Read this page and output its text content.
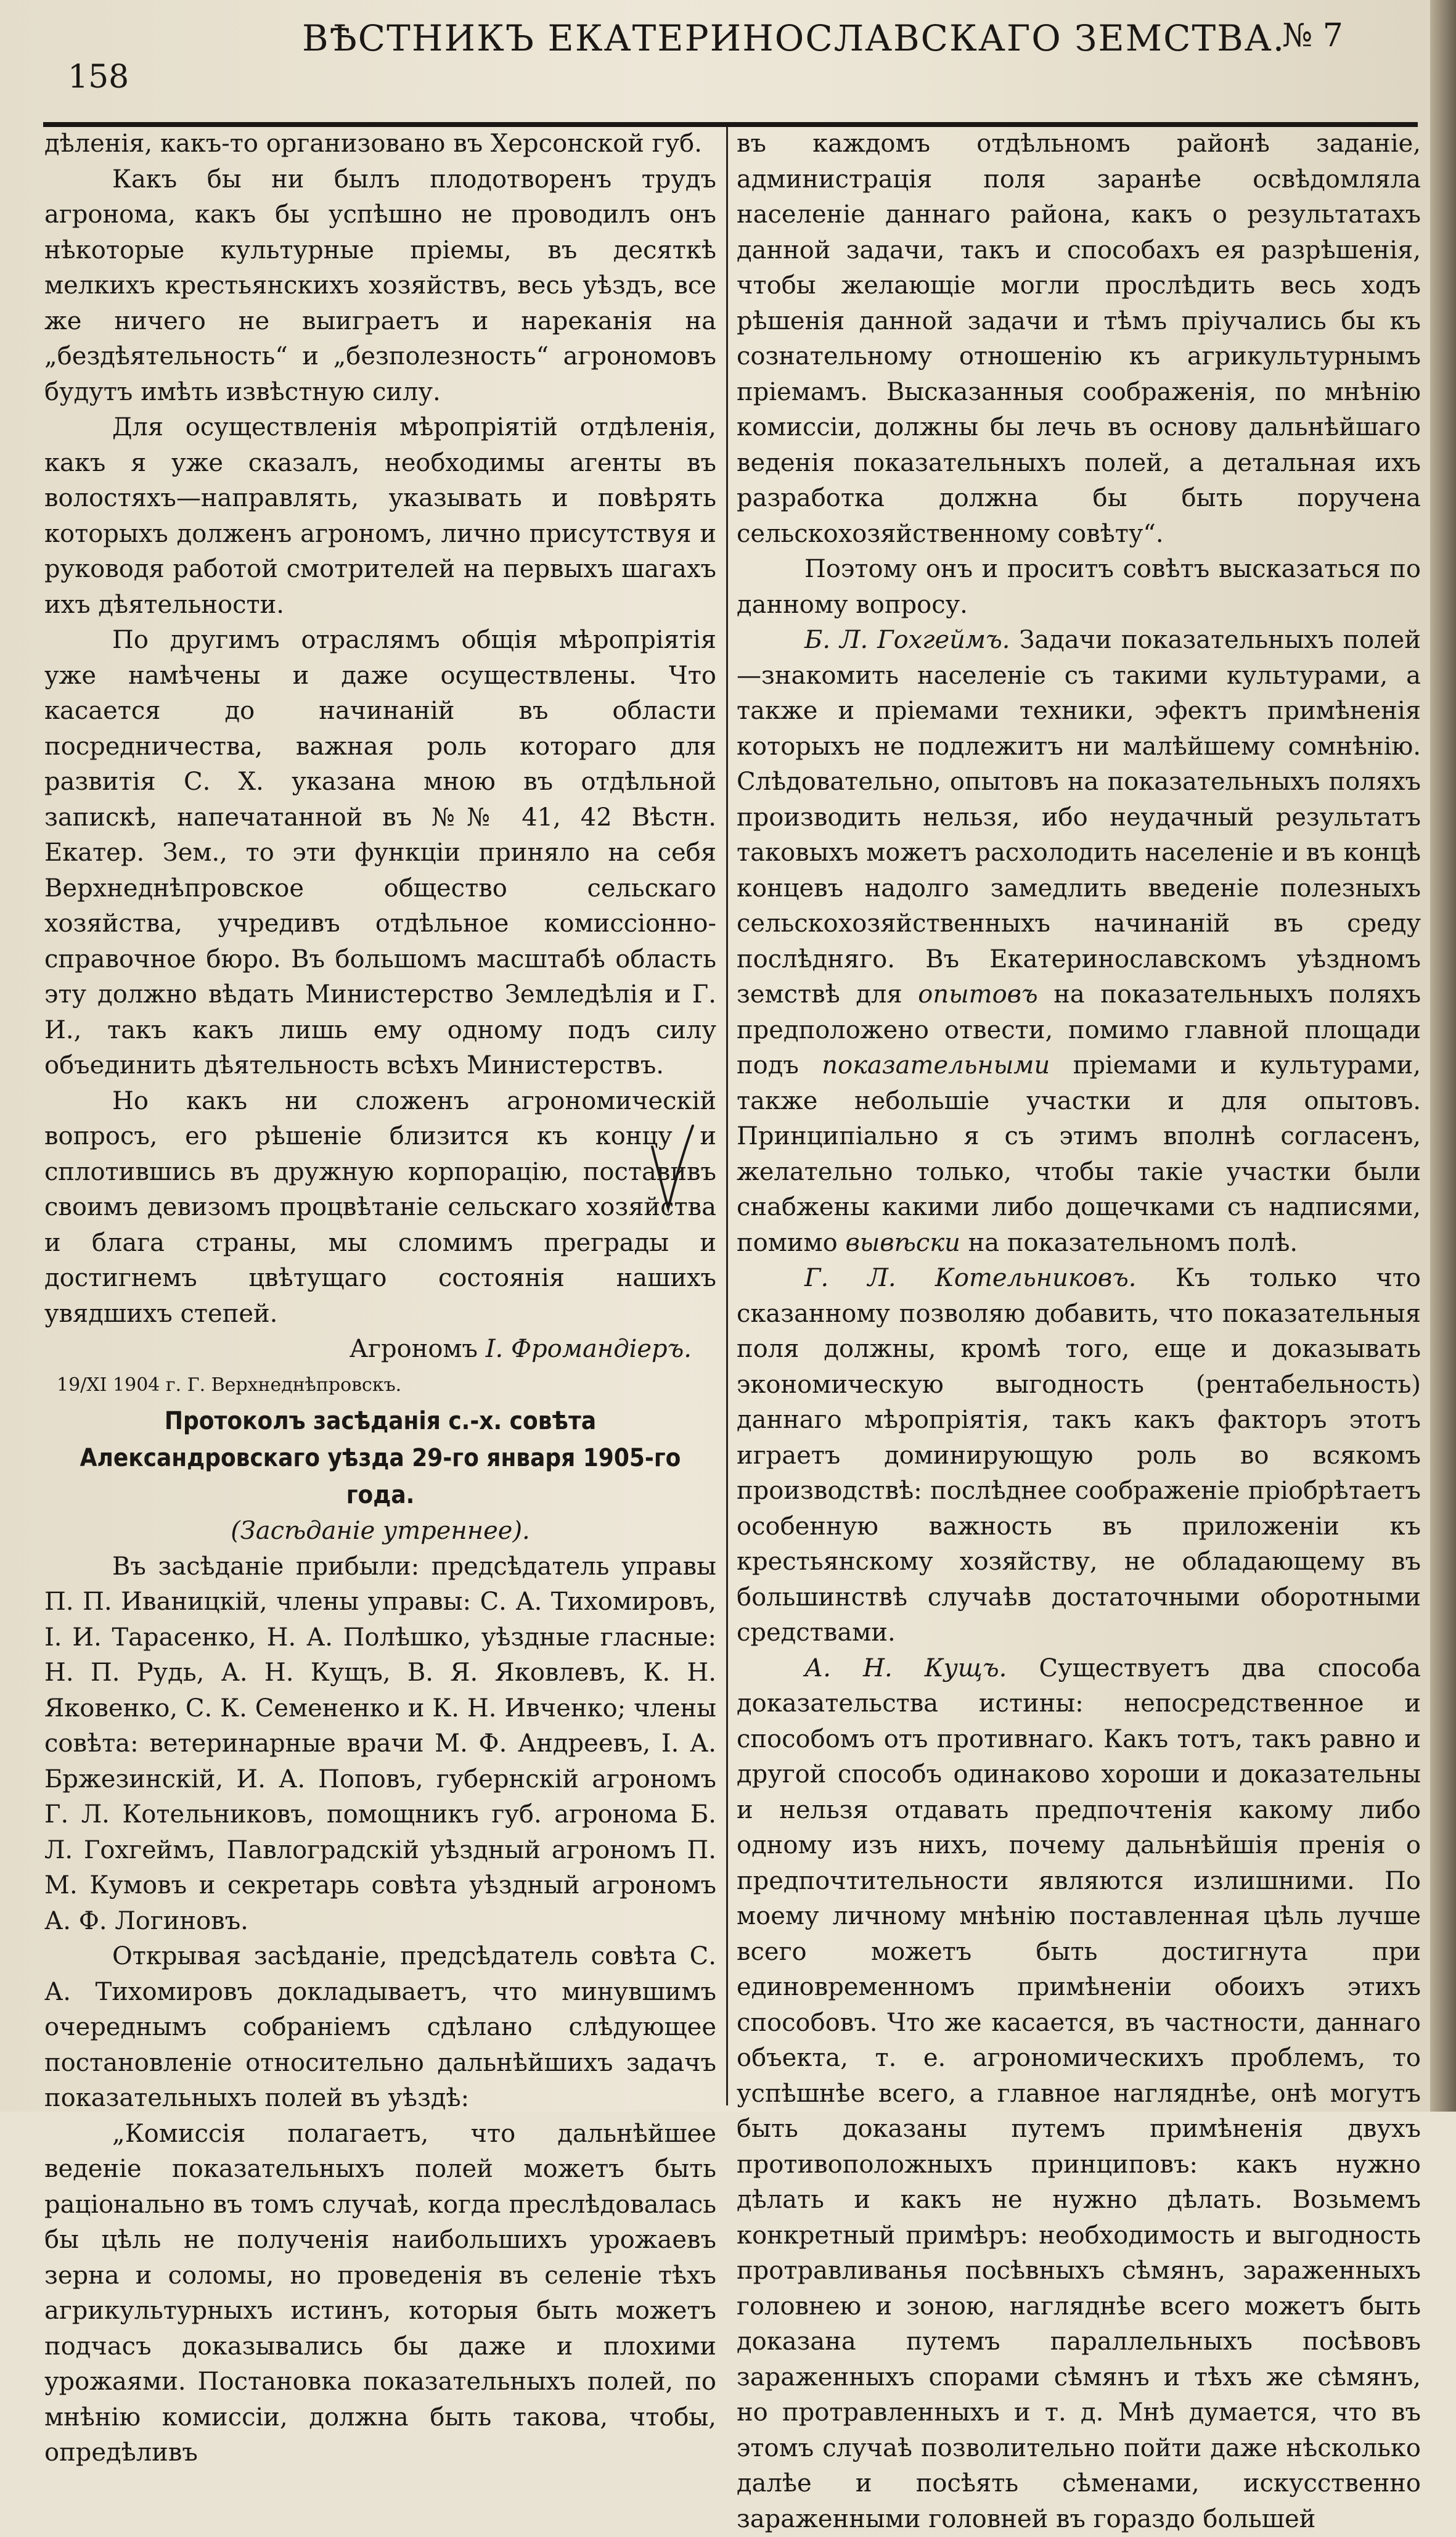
158
ВѢСТНИКЪ ЕКАТЕРИНОСЛАВСКАГО ЗЕМСТВА.
№ 7

дѣленія, какъ-то организовано въ Херсонской губ.

Какъ бы ни былъ плодотворенъ трудъ агронома, какъ бы успѣшно не проводилъ онъ нѣкоторые культурные пріемы, въ десяткѣ мелкихъ крестьянскихъ хозяйствъ, весь уѣздъ, все же ничего не выиграетъ и нареканія на „бездѣятельность“ и „безполезность“ агрономовъ будутъ имѣть извѣстную силу.

Для осуществленія мѣропріятій отдѣленія, какъ я уже сказалъ, необходимы агенты въ волостяхъ—направлять, указывать и повѣрять которыхъ долженъ агрономъ, лично присутствуя и руководя работой смотрителей на первыхъ шагахъ ихъ дѣятельности.

По другимъ отраслямъ общія мѣропріятія уже намѣчены и даже осуществлены. Что касается до начинаній въ области посредничества, важная роль котораго для развитія С. Х. указана мною въ отдѣльной запискѣ, напечатанной въ №№ 41, 42 Вѣстн. Екатер. Зем., то эти функціи приняло на себя Верхнеднѣпровское общество сельскаго хозяйства, учредивъ отдѣльное комиссіонно-справочное бюро. Въ большомъ масштабѣ область эту должно вѣдать Министерство Земледѣлія и Г. И., такъ какъ лишь ему одному подъ силу объединить дѣятельность всѣхъ Министерствъ.

Но какъ ни сложенъ агрономическій вопросъ, его рѣшеніе близится къ концу и сплотившись въ дружную корпорацію, поставивъ своимъ девизомъ процвѣтаніе сельскаго хозяйства и блага страны, мы сломимъ преграды и достигнемъ цвѣтущаго состоянія нашихъ увядшихъ степей.

Агрономъ І. Фромандіеръ.

19/XI 1904 г. Г. Верхнеднѣпровскъ.

Протоколъ засѣданія с.-х. совѣта Александровскаго уѣзда 29-го января 1905-го года.

(Засѣданіе утреннее).

Въ засѣданіе прибыли: предсѣдатель управы П. П. Иваницкій, члены управы: С. А. Тихомировъ, І. И. Тарасенко, Н. А. Полѣшко, уѣздные гласные: Н. П. Рудь, А. Н. Кущъ, В. Я. Яковлевъ, К. Н. Яковенко, С. К. Семененко и К. Н. Ивченко; члены совѣта: ветеринарные врачи М. Ф. Андреевъ, І. А. Бржезинскій, И. А. Поповъ, губернскій агрономъ Г. Л. Котельниковъ, помощникъ губ. агронома Б. Л. Гохгеймъ, Павлоградскій уѣздный агрономъ П. М. Кумовъ и секретарь совѣта уѣздный агрономъ А. Ф. Логиновъ.

Открывая засѣданіе, предсѣдатель совѣта С. А. Тихомировъ докладываетъ, что минувшимъ очереднымъ собраніемъ сдѣлано слѣдующее постановленіе относительно дальнѣйшихъ задачъ показательныхъ полей въ уѣздѣ:

„Комиссія полагаетъ, что дальнѣйшее веденіе показательныхъ полей можетъ быть раціонально въ томъ случаѣ, когда преслѣдовалась бы цѣль не полученія наибольшихъ урожаевъ зерна и соломы, но проведенія въ селеніе тѣхъ агрикультурныхъ истинъ, которыя быть можетъ подчасъ доказывались бы даже и плохими урожаями. Постановка показательныхъ полей, по мнѣнію комиссіи, должна быть такова, чтобы, опредѣливъ

въ каждомъ отдѣльномъ районѣ заданіе, администрація поля заранѣе освѣдомляла населеніе даннаго района, какъ о результатахъ данной задачи, такъ и способахъ ея разрѣшенія, чтобы желающіе могли прослѣдить весь ходъ рѣшенія данной задачи и тѣмъ пріучались бы къ сознательному отношенію къ агрикультурнымъ пріемамъ. Высказанныя соображенія, по мнѣнію комиссіи, должны бы лечь въ основу дальнѣйшаго веденія показательныхъ полей, а детальная ихъ разработка должна бы быть поручена сельскохозяйственному совѣту“.

Поэтому онъ и проситъ совѣтъ высказаться по данному вопросу.

Б. Л. Гохгеймъ. Задачи показательныхъ полей—знакомить населеніе съ такими культурами, а также и пріемами техники, эфектъ примѣненія которыхъ не подлежитъ ни малѣйшему сомнѣнію. Слѣдовательно, опытовъ на показательныхъ поляхъ производить нельзя, ибо неудачный результатъ таковыхъ можетъ расхолодить населеніе и въ концѣ концевъ надолго замедлить введеніе полезныхъ сельскохозяйственныхъ начинаній въ среду послѣдняго. Въ Екатеринославскомъ уѣздномъ земствѣ для опытовъ на показательныхъ поляхъ предположено отвести, помимо главной площади подъ показательными пріемами и культурами, также небольшіе участки и для опытовъ. Принципіально я съ этимъ вполнѣ согласенъ, желательно только, чтобы такіе участки были снабжены какими либо дощечками съ надписями, помимо вывѣски на показательномъ полѣ.

Г. Л. Котельниковъ. Къ только что сказанному позволяю добавить, что показательныя поля должны, кромѣ того, еще и доказывать экономическую выгодность (рентабельность) даннаго мѣропріятія, такъ какъ факторъ этотъ играетъ доминирующую роль во всякомъ производствѣ: послѣднее соображеніе пріобрѣтаетъ особенную важность въ приложеніи къ крестьянскому хозяйству, не обладающему въ большинствѣ случаѣв достаточными оборотными средствами.

А. Н. Кущъ. Существуетъ два способа доказательства истины: непосредственное и способомъ отъ противнаго. Какъ тотъ, такъ равно и другой способъ одинаково хороши и доказательны и нельзя отдавать предпочтенія какому либо одному изъ нихъ, почему дальнѣйшія пренія о предпочтительности являются излишними. По моему личному мнѣнію поставленная цѣль лучше всего можетъ быть достигнута при единовременномъ примѣненіи обоихъ этихъ способовъ. Что же касается, въ частности, даннаго объекта, т. е. агрономическихъ проблемъ, то успѣшнѣе всего, а главное нагляднѣе, онѣ могутъ быть доказаны путемъ примѣненія двухъ противоположныхъ принциповъ: какъ нужно дѣлать и какъ не нужно дѣлать. Возьмемъ конкретный примѣръ: необходимость и выгодность протравливанья посѣвныхъ сѣмянъ, зараженныхъ головнею и зоною, нагляднѣе всего можетъ быть доказана путемъ параллельныхъ посѣвовъ зараженныхъ спорами сѣмянъ и тѣхъ же сѣмянъ, но протравленныхъ и т. д. Мнѣ думается, что въ этомъ случаѣ позволительно пойти даже нѣсколько далѣе и посѣять сѣменами, искусственно зараженными головней въ гораздо большей
